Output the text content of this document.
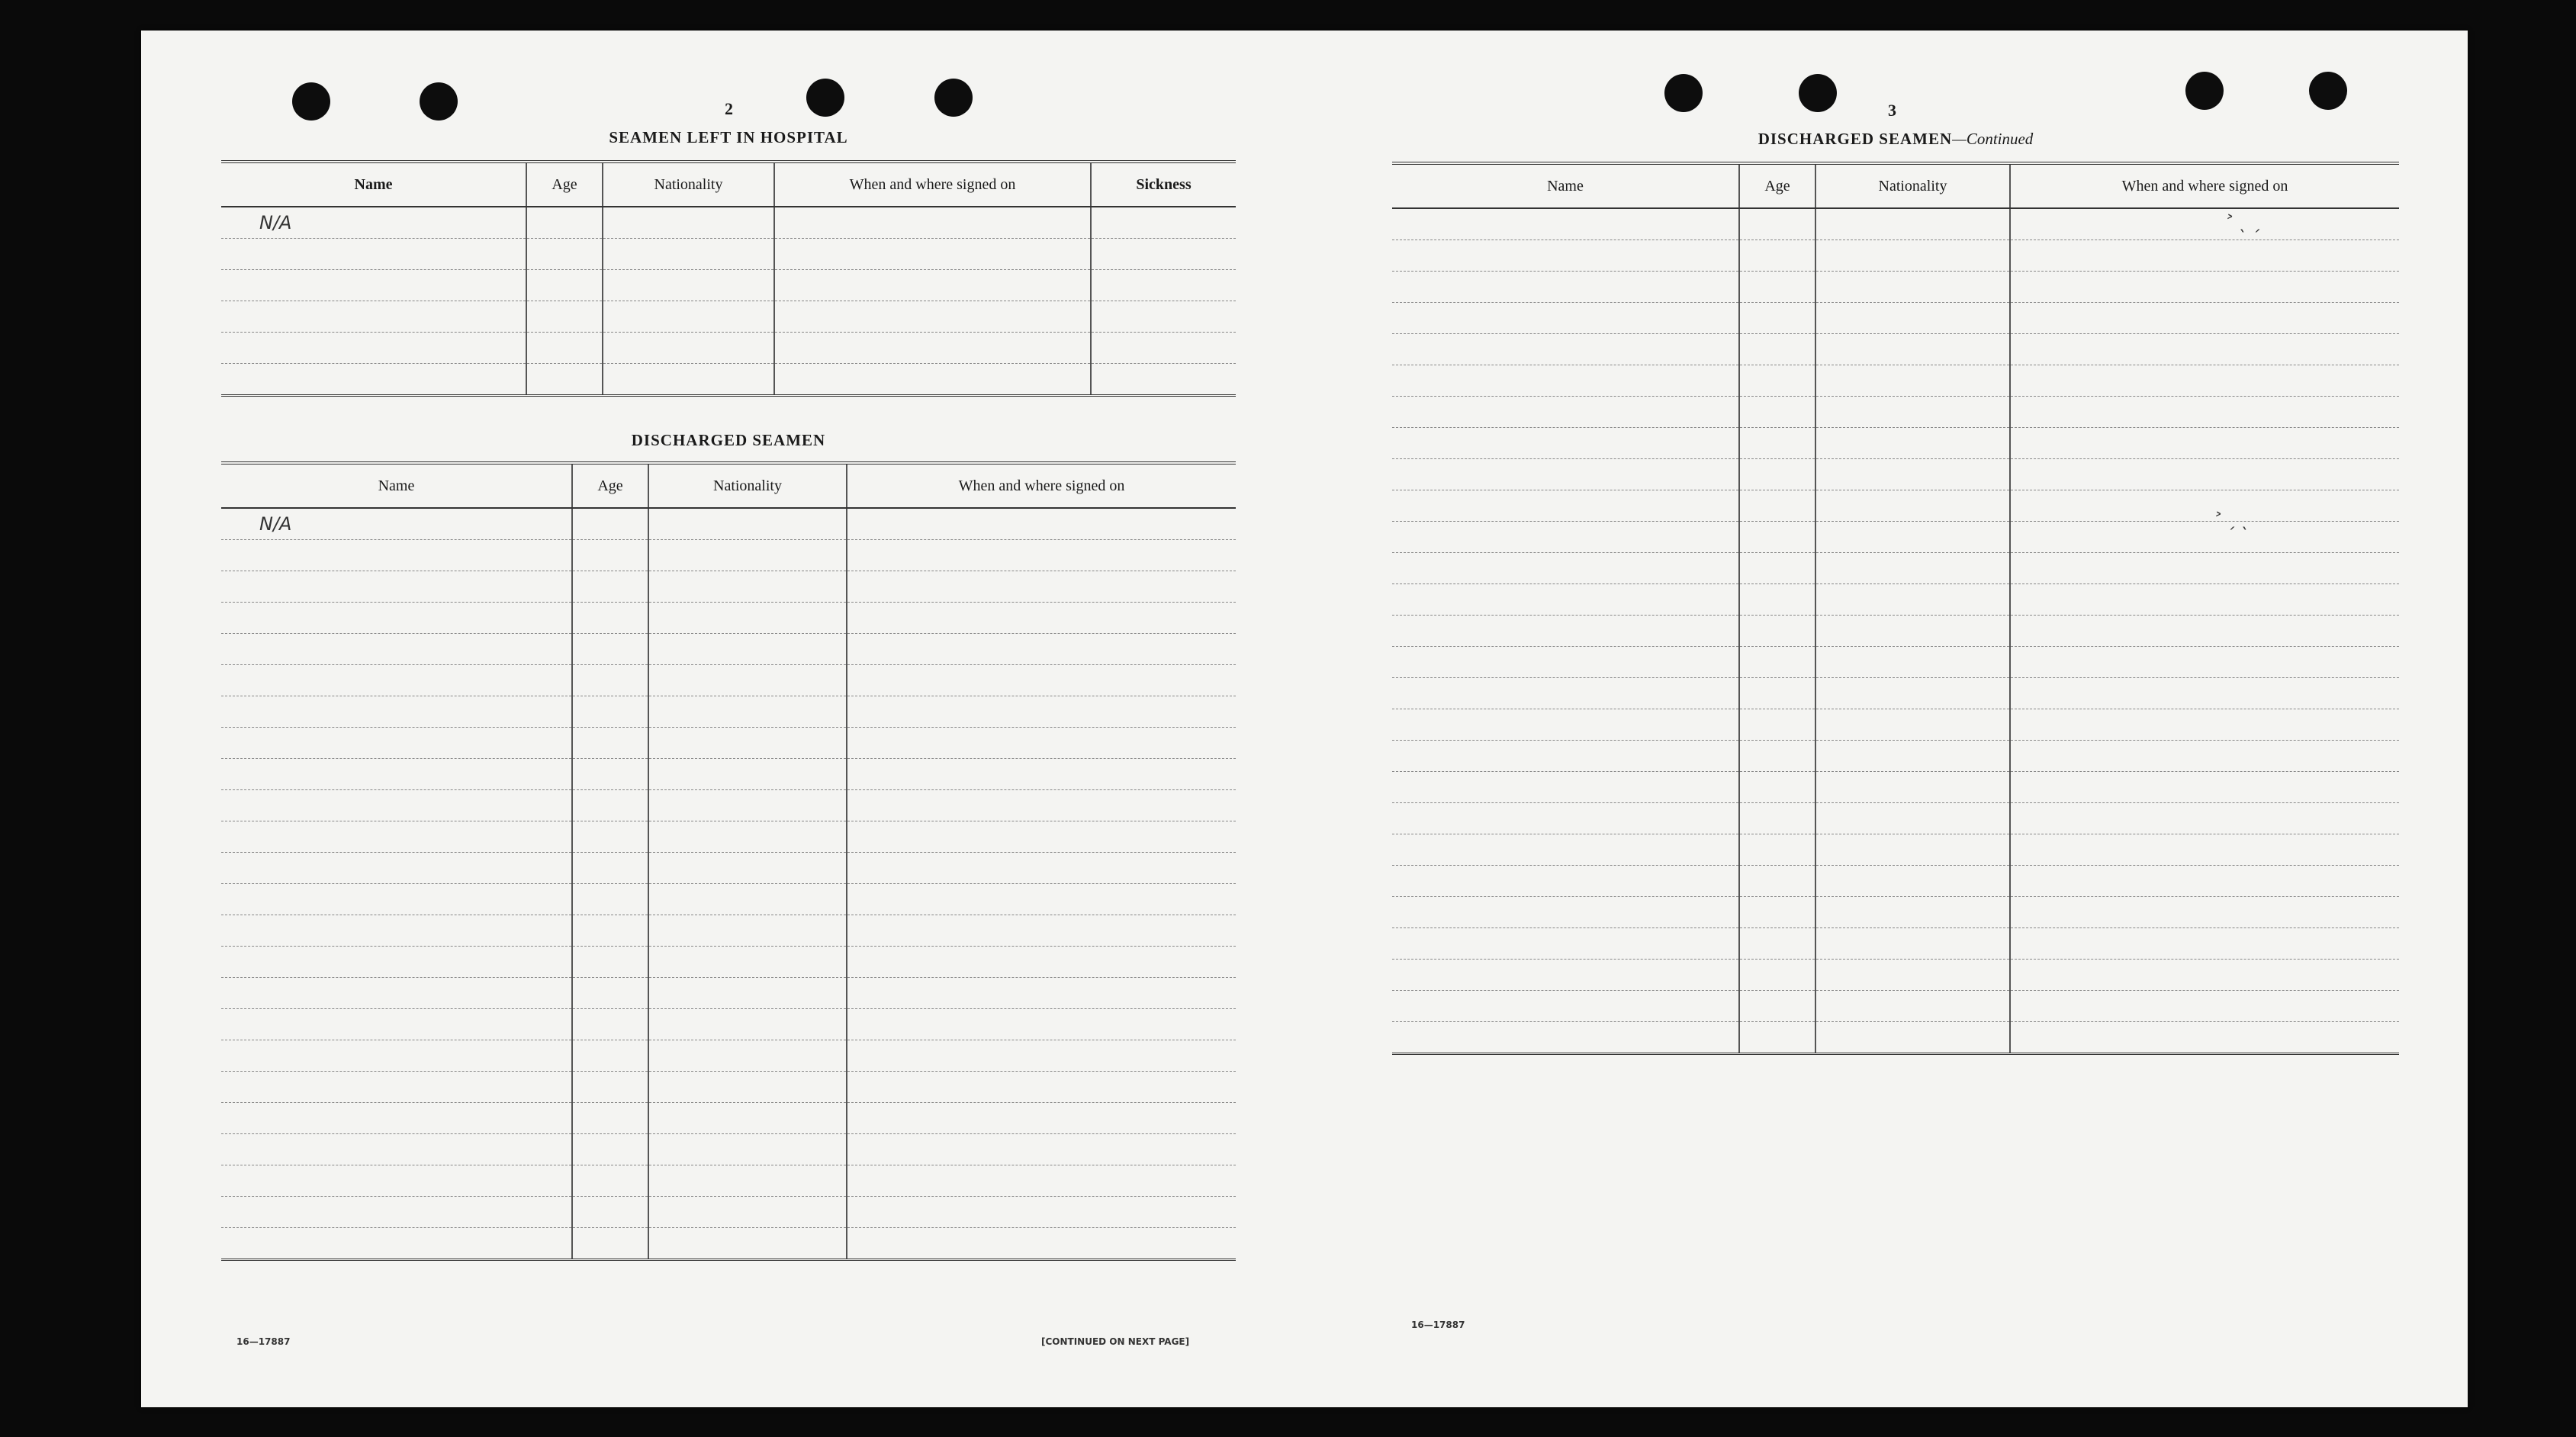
2
SEAMEN LEFT IN HOSPITAL
Name	Age	Nationality	When and where signed on	Sickness
N/A				

DISCHARGED SEAMEN
Name	Age	Nationality	When and where signed on
N/A			

16—17887	[CONTINUED ON NEXT PAGE]
3
DISCHARGED SEAMEN—Continued
Name	Age	Nationality	When and where signed on

˃ ˎ ˏ
˃ ˏ ˎ
16—17887
